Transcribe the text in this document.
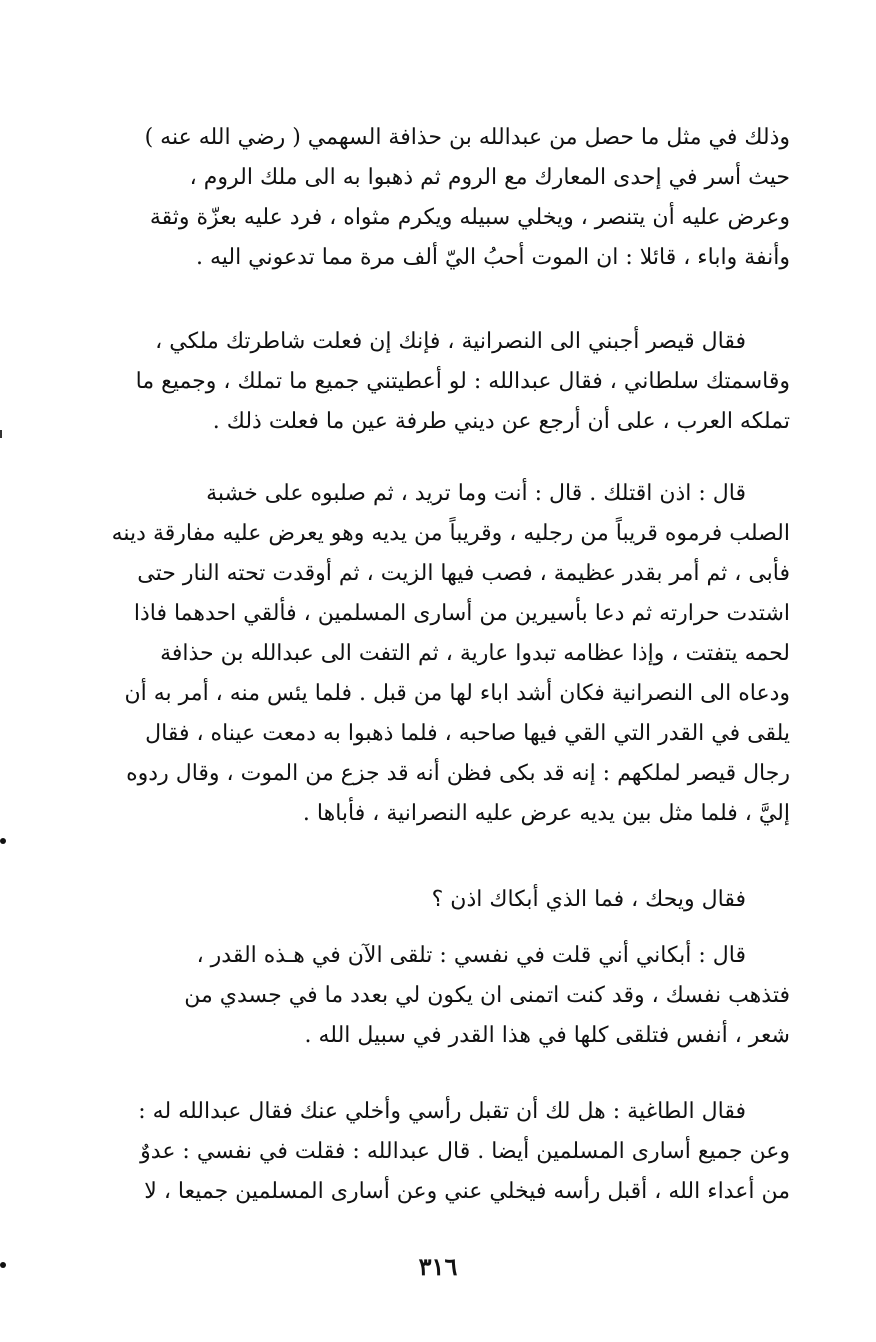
وذلك في مثل ما حصل من عبدالله بن حذافة السهمي ( رضي الله عنه )
حيث أسر في إحدى المعارك مع الروم ثم ذهبوا به الى ملك الروم ،
وعرض عليه أن يتنصر ، ويخلي سبيله ويكرم مثواه ، فرد عليه بعزّة وثقة
وأنفة واباء ، قائلا : ان الموت أحبُ اليّ ألف مرة مما تدعوني اليه .
فقال قيصر أجبني الى النصرانية ، فإنك إن فعلت شاطرتك ملكي ،
وقاسمتك سلطاني ، فقال عبدالله : لو أعطيتني جميع ما تملك ، وجميع ما
تملكه العرب ، على أن أرجع عن ديني طرفة عين ما فعلت ذلك .
قال : اذن اقتلك . قال : أنت وما تريد ، ثم صلبوه على خشبة
الصلب فرموه قريباً من رجليه ، وقريباً من يديه وهو يعرض عليه مفارقة دينه
فأبى ، ثم أمر بقدر عظيمة ، فصب فيها الزيت ، ثم أوقدت تحته النار حتى
اشتدت حرارته ثم دعا بأسيرين من أسارى المسلمين ، فألقي احدهما فاذا
لحمه يتفتت ، وإذا عظامه تبدوا عارية ، ثم التفت الى عبدالله بن حذافة
ودعاه الى النصرانية فكان أشد اباء لها من قبل . فلما يئس منه ، أمر به أن
يلقى في القدر التي القي فيها صاحبه ، فلما ذهبوا به دمعت عيناه ، فقال
رجال قيصر لملكهم : إنه قد بكى فظن أنه قد جزع من الموت ، وقال ردوه
إليَّ ، فلما مثل بين يديه عرض عليه النصرانية ، فأباها .
فقال ويحك ، فما الذي أبكاك اذن ؟
قال : أبكاني أني قلت في نفسي : تلقى الآن في هـذه القدر ،
فتذهب نفسك ، وقد كنت اتمنى ان يكون لي بعدد ما في جسدي من
شعر ، أنفس فتلقى كلها في هذا القدر في سبيل الله .
فقال الطاغية : هل لك أن تقبل رأسي وأخلي عنك فقال عبدالله له :
وعن جميع أسارى المسلمين أيضا . قال عبدالله : فقلت في نفسي : عدوٌ
من أعداء الله ، أقبل رأسه فيخلي عني وعن أسارى المسلمين جميعا ، لا
٣١٦
